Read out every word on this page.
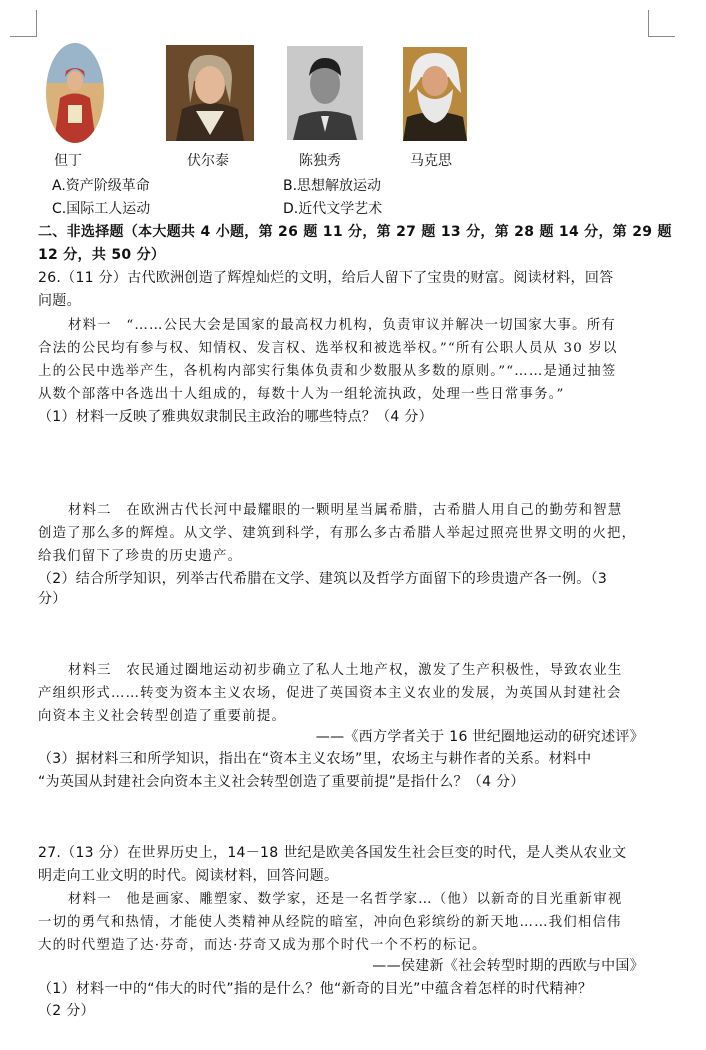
但丁	伏尔泰	陈独秀	马克思
A.资产阶级革命	B.思想解放运动
C.国际工人运动	D.近代文学艺术
二、非选择题（本大题共 4 小题，第 26 题 11 分，第 27 题 13 分，第 28 题 14 分，第 29 题
12 分，共 50 分）
26.（11 分）古代欧洲创造了辉煌灿烂的文明，给后人留下了宝贵的财富。阅读材料，回答
问题。
材料一　“……公民大会是国家的最高权力机构，负责审议并解决一切国家大事。所有
合法的公民均有参与权、知情权、发言权、选举权和被选举权。”“所有公职人员从 30 岁以
上的公民中选举产生，各机构内部实行集体负责和少数服从多数的原则。”“……是通过抽签
从数个部落中各选出十人组成的，每数十人为一组轮流执政，处理一些日常事务。”
（1）材料一反映了雅典奴隶制民主政治的哪些特点？（4 分）
材料二　在欧洲古代长河中最耀眼的一颗明星当属希腊，古希腊人用自己的勤劳和智慧
创造了那么多的辉煌。从文学、建筑到科学，有那么多古希腊人举起过照亮世界文明的火把，
给我们留下了珍贵的历史遗产。
（2）结合所学知识，列举古代希腊在文学、建筑以及哲学方面留下的珍贵遗产各一例。（3
分）
材料三　农民通过圈地运动初步确立了私人土地产权，激发了生产积极性，导致农业生
产组织形式……转变为资本主义农场，促进了英国资本主义农业的发展，为英国从封建社会
向资本主义社会转型创造了重要前提。
——《西方学者关于 16 世纪圈地运动的研究述评》
（3）据材料三和所学知识，指出在“资本主义农场”里，农场主与耕作者的关系。材料中
“为英国从封建社会向资本主义社会转型创造了重要前提”是指什么？（4 分）
27.（13 分）在世界历史上，14－18 世纪是欧美各国发生社会巨变的时代，是人类从农业文
明走向工业文明的时代。阅读材料，回答问题。
材料一　他是画家、雕塑家、数学家，还是一名哲学家…（他）以新奇的目光重新审视
一切的勇气和热情，才能使人类精神从经院的暗室，冲向色彩缤纷的新天地……我们相信伟
大的时代塑造了达·芬奇，而达·芬奇又成为那个时代一个不朽的标记。
——侯建新《社会转型时期的西欧与中国》
（1）材料一中的“伟大的时代”指的是什么？他“新奇的目光”中蕴含着怎样的时代精神？
（2 分）
